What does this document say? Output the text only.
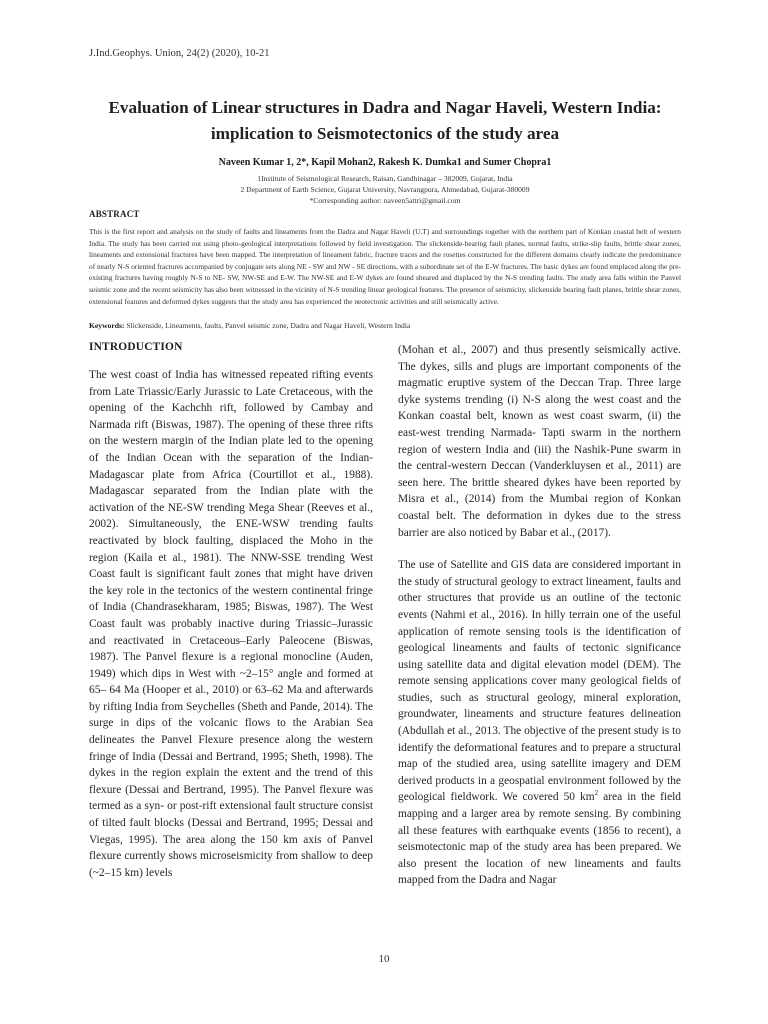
J.Ind.Geophys. Union, 24(2) (2020), 10-21
Evaluation of Linear structures in Dadra and Nagar Haveli, Western India:
implication to Seismotectonics of the study area
Naveen Kumar 1, 2*, Kapil Mohan2, Rakesh K. Dumka1 and Sumer Chopra1
1Institute of Seismological Research, Raisan, Gandhinagar – 382009, Gujarat, India
2 Department of Earth Science, Gujarat University, Navrangpura, Ahmedabad, Gujarat-380009
*Corresponding author: naveen5attri@gmail.com
ABSTRACT
This is the first report and analysis on the study of faults and lineaments from the Dadra and Nagar Haveli (U.T) and surroundings together with the northern part of Konkan coastal belt of western India. The study has been carried out using photo-geological interpretations followed by field investigation. The slickenside-bearing fault planes, normal faults, strike-slip faults, brittle shear zones, lineaments and extensional fractures have been mapped. The interpretation of lineament fabric, fracture traces and the rosettes constructed for the different domains clearly indicate the predominance of nearly N-S oriented fractures accompanied by conjugate sets along NE - SW and NW - SE directions, with a subordinate set of the E-W fractures. The basic dykes are found emplaced along the pre-existing fractures having roughly N-S to NE- SW, NW-SE and E-W. The NW-SE and E-W dykes are found sheared and displaced by the N-S trending faults. The study area falls within the Panvel seismic zone and the recent seismicity has also been witnessed in the vicinity of N-S trending linear geological features. The presence of seismicity, slickenside bearing fault planes, brittle shear zones, extensional features and deformed dykes suggests that the study area has experienced the neotectonic activities and still seismically active.
Keywords: Slickenside, Lineaments, faults, Panvel seismic zone, Dadra and Nagar Haveli, Western India
INTRODUCTION

The west coast of India has witnessed repeated rifting events from Late Triassic/Early Jurassic to Late Cretaceous, with the opening of the Kachchh rift, followed by Cambay and Narmada rift (Biswas, 1987). The opening of these three rifts on the western margin of the Indian plate led to the opening of the Indian Ocean with the separation of the Indian-Madagascar plate from Africa (Courtillot et al., 1988). Madagascar separated from the Indian plate with the activation of the NE-SW trending Mega Shear (Reeves et al., 2002). Simultaneously, the ENE-WSW trending faults reactivated by block faulting, displaced the Moho in the region (Kaila et al., 1981). The NNW-SSE trending West Coast fault is significant fault zones that might have driven the key role in the tectonics of the western continental fringe of India (Chandrasekharam, 1985; Biswas, 1987). The West Coast fault was probably inactive during Triassic–Jurassic and reactivated in Cretaceous–Early Paleocene (Biswas, 1987). The Panvel flexure is a regional monocline (Auden, 1949) which dips in West with ~2–15° angle and formed at 65– 64 Ma (Hooper et al., 2010) or 63–62 Ma and afterwards by rifting India from Seychelles (Sheth and Pande, 2014). The surge in dips of the volcanic flows to the Arabian Sea delineates the Panvel Flexure presence along the western fringe of India (Dessai and Bertrand, 1995; Sheth, 1998). The dykes in the region explain the extent and the trend of this flexure (Dessai and Bertrand, 1995). The Panvel flexure was termed as a syn- or post-rift extensional fault structure consist of tilted fault blocks (Dessai and Bertrand, 1995; Dessai and Viegas, 1995). The area along the 150 km axis of Panvel flexure currently shows microseismicity from shallow to deep (~2–15 km) levels

(Mohan et al., 2007) and thus presently seismically active. The dykes, sills and plugs are important components of the magmatic eruptive system of the Deccan Trap. Three large dyke systems trending (i) N-S along the west coast and the Konkan coastal belt, known as west coast swarm, (ii) the east-west trending Narmada- Tapti swarm in the northern region of western India and (iii) the Nashik-Pune swarm in the central-western Deccan (Vanderkluysen et al., 2011) are seen here. The brittle sheared dykes have been reported by Misra et al., (2014) from the Mumbai region of Konkan coastal belt. The deformation in dykes due to the stress barrier are also noticed by Babar et al., (2017).

The use of Satellite and GIS data are considered important in the study of structural geology to extract lineament, faults and other structures that provide us an outline of the tectonic events (Nahmi et al., 2016). In hilly terrain one of the useful application of remote sensing tools is the identification of geological lineaments and faults of tectonic significance using satellite data and digital elevation model (DEM). The remote sensing applications cover many geological fields of studies, such as structural geology, mineral exploration, groundwater, lineaments and structure features delineation (Abdullah et al., 2013. The objective of the present study is to identify the deformational features and to prepare a structural map of the studied area, using satellite imagery and DEM derived products in a geospatial environment followed by the geological fieldwork. We covered 50 $km^2$ area in the field mapping and a larger area by remote sensing. By combining all these features with earthquake events (1856 to recent), a seismotectonic map of the study area has been prepared. We also present the location of new lineaments and faults mapped from the Dadra and Nagar

10
